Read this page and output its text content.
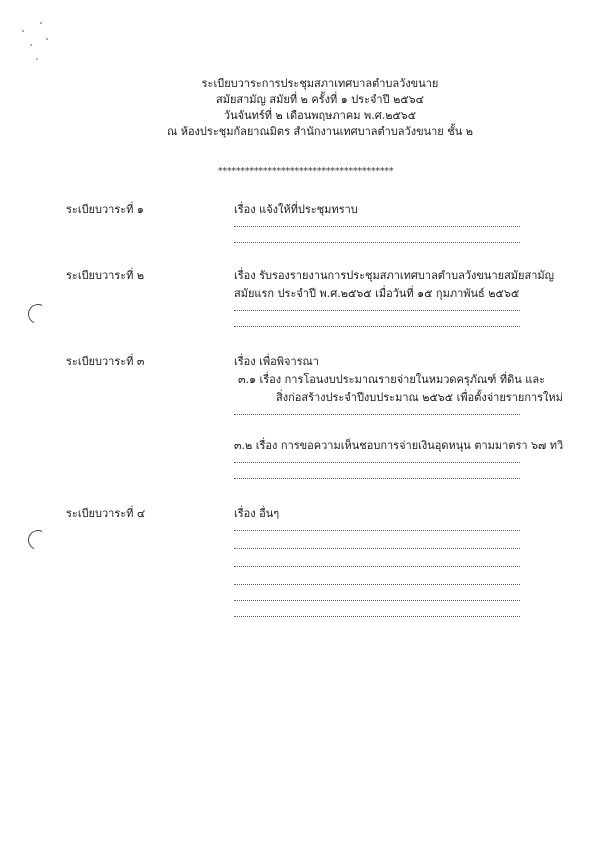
ระเบียบวาระการประชุมสภาเทศบาลตำบลวังขนาย
สมัยสามัญ สมัยที่ ๒ ครั้งที่ ๑ ประจำปี ๒๕๖๔
วันจันทร์ที่ ๒ เดือนพฤษภาคม พ.ศ.๒๕๖๕
ณ ห้องประชุมกัลยาณมิตร สำนักงานเทศบาลตำบลวังขนาย ชั้น ๒
***************************************
ระเบียบวาระที่ ๑	เรื่อง แจ้งให้ที่ประชุมทราบ
ระเบียบวาระที่ ๒	เรื่อง รับรองรายงานการประชุมสภาเทศบาลตำบลวังขนายสมัยสามัญ
สมัยแรก ประจำปี พ.ศ.๒๕๖๕ เมื่อวันที่ ๑๕ กุมภาพันธ์ ๒๕๖๕
ระเบียบวาระที่ ๓	เรื่อง เพื่อพิจารณา
๓.๑ เรื่อง การโอนงบประมาณรายจ่ายในหมวดครุภัณฑ์ ที่ดิน และ
สิ่งก่อสร้างประจำปีงบประมาณ ๒๕๖๕ เพื่อตั้งจ่ายรายการใหม่
๓.๒ เรื่อง การขอความเห็นชอบการจ่ายเงินอุดหนุน ตามมาตรา ๖๗ ทวิ
ระเบียบวาระที่ ๔	เรื่อง อื่นๆ
